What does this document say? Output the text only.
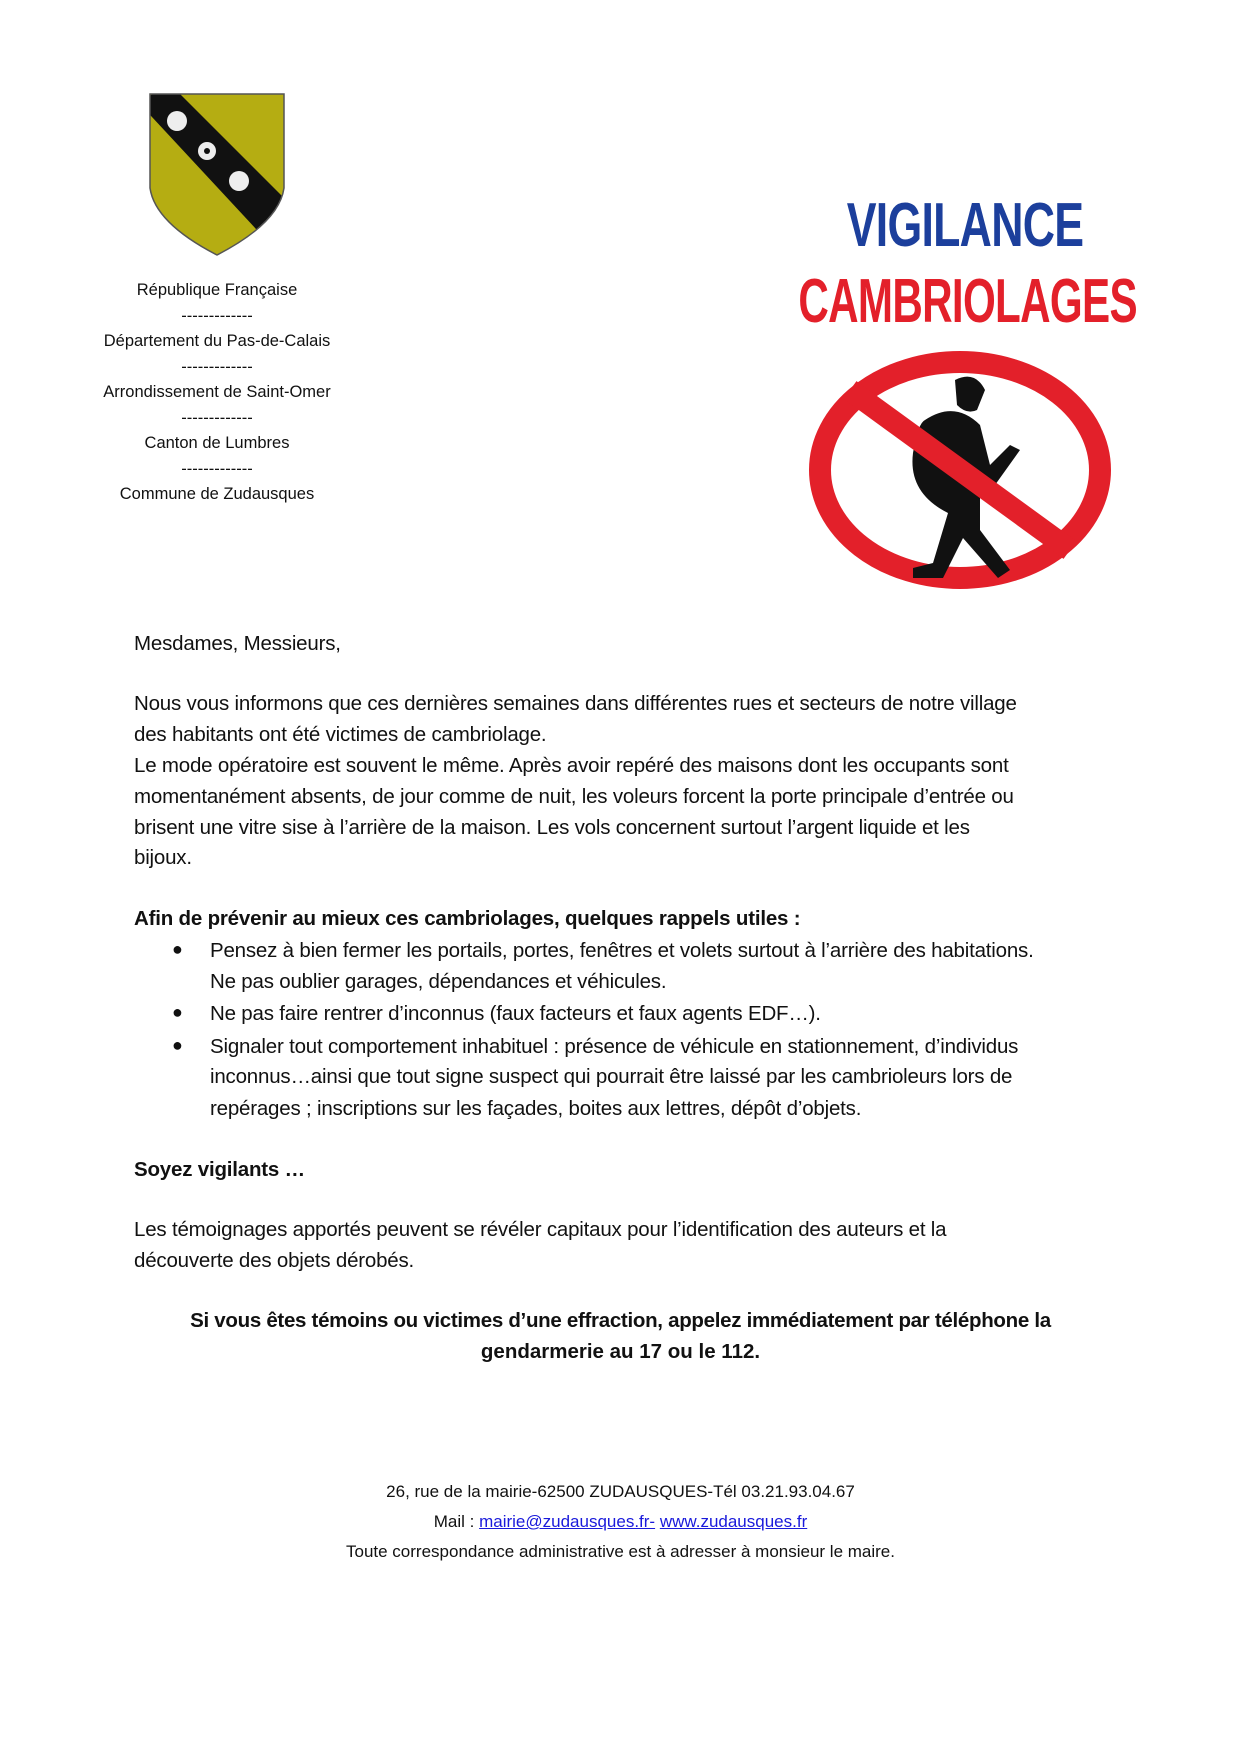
République Française
-------------
Département du Pas-de-Calais
-------------
Arrondissement de Saint-Omer
-------------
Canton de Lumbres
-------------
Commune de Zudausques
VIGILANCE
CAMBRIOLAGES
Mesdames, Messieurs,
Nous vous informons que ces dernières semaines dans différentes rues et secteurs de notre village
des habitants ont été victimes de cambriolage.
Le mode opératoire est souvent le même. Après avoir repéré des maisons dont les occupants sont
momentanément absents, de jour comme de nuit, les voleurs forcent la porte principale d’entrée ou
brisent une vitre sise à l’arrière de la maison. Les vols concernent surtout l’argent liquide et les
bijoux.
Afin de prévenir au mieux ces cambriolages, quelques rappels utiles :
● Pensez à bien fermer les portails, portes, fenêtres et volets surtout à l’arrière des habitations.
Ne pas oublier garages, dépendances et véhicules.
● Ne pas faire rentrer d’inconnus (faux facteurs et faux agents EDF…).
● Signaler tout comportement inhabituel : présence de véhicule en stationnement, d’individus
inconnus…ainsi que tout signe suspect qui pourrait être laissé par les cambrioleurs lors de
repérages ; inscriptions sur les façades, boites aux lettres, dépôt d’objets.
Soyez vigilants …
Les témoignages apportés peuvent se révéler capitaux pour l’identification des auteurs et la
découverte des objets dérobés.
Si vous êtes témoins ou victimes d’une effraction, appelez immédiatement par téléphone la
gendarmerie au 17 ou le 112.
26, rue de la mairie-62500 ZUDAUSQUES-Tél 03.21.93.04.67
Mail : mairie@zudausques.fr- www.zudausques.fr
Toute correspondance administrative est à adresser à monsieur le maire.
